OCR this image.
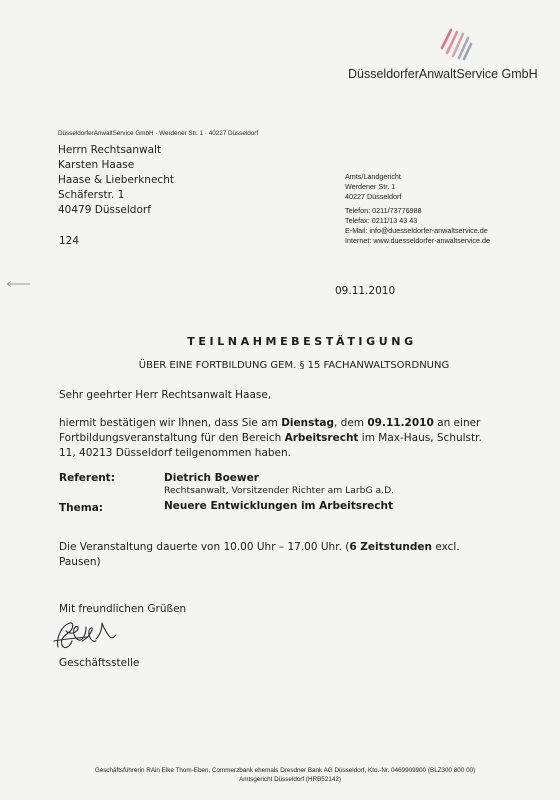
DüsseldorferAnwaltService GmbH
DüsseldorferAnwaltService GmbH · Werdener Str. 1 · 40227 Düsseldorf
Herrn Rechtsanwalt
Karsten Haase
Haase & Lieberknecht
Schäferstr. 1
40479 Düsseldorf
124
Amts/Landgericht
Werdener Str. 1
40227 Düsseldorf
Telefon: 0211/73776988
Telefax: 0211/13 43 43
E-Mail: info@duesseldorfer-anwaltservice.de
Internet: www.duesseldorfer-anwaltservice.de
09.11.2010
TEILNAHMEBESTÄTIGUNG
ÜBER EINE FORTBILDUNG GEM. § 15 FACHANWALTSORDNUNG
Sehr geehrter Herr Rechtsanwalt Haase,
hiermit bestätigen wir Ihnen, dass Sie am Dienstag, dem 09.11.2010 an einer
Fortbildungsveranstaltung für den Bereich Arbeitsrecht im Max-Haus, Schulstr.
11, 40213 Düsseldorf teilgenommen haben.
Referent:	Dietrich Boewer
Rechtsanwalt, Vorsitzender Richter am LarbG a.D.
Thema:	Neuere Entwicklungen im Arbeitsrecht
Die Veranstaltung dauerte von 10.00 Uhr – 17.00 Uhr. (6 Zeitstunden excl.
Pausen)
Mit freundlichen Grüßen
Geschäftsstelle
Geschäftsführerin RAin Elke Thom-Eben, Commerzbank ehemals Dresdner Bank AG Düsseldorf, Kto.-Nr. 0469909900 (BLZ300 800 00)
Amtsgericht Düsseldorf (HRB52142)
